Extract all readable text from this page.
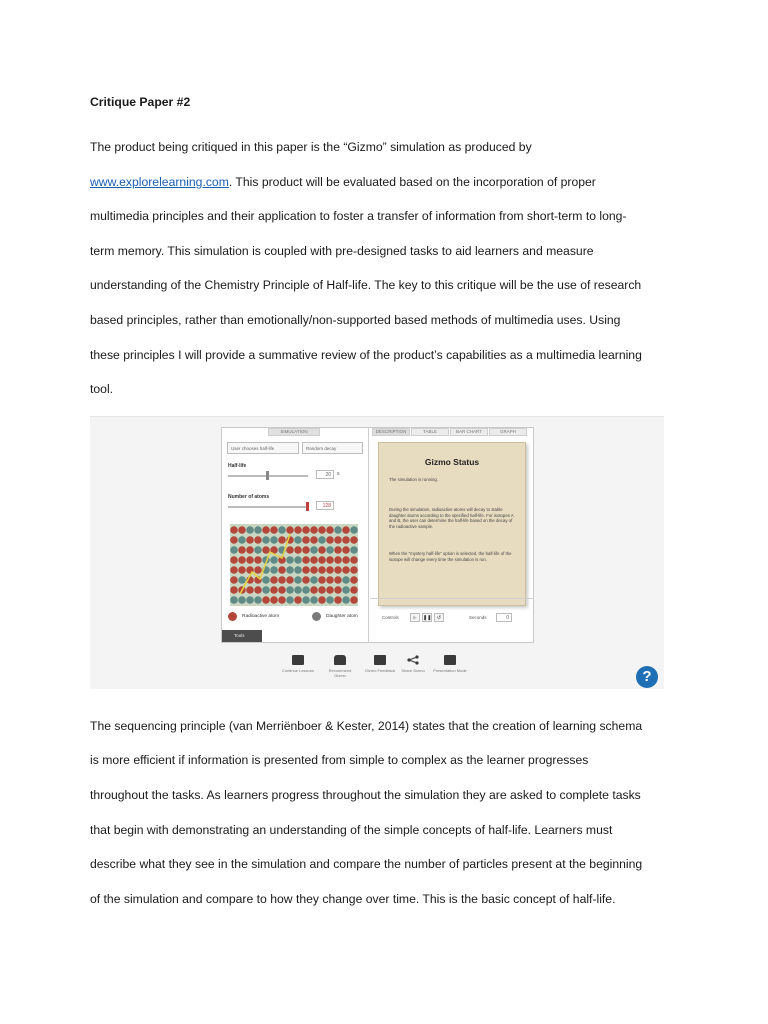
Critique Paper #2
The product being critiqued in this paper is the “Gizmo” simulation as produced by
www.explorelearning.com. This product will be evaluated based on the incorporation of proper
multimedia principles and their application to foster a transfer of information from short-term to long-
term memory. This simulation is coupled with pre-designed tasks to aid learners and measure
understanding of the Chemistry Principle of Half-life. The key to this critique will be the use of research
based principles, rather than emotionally/non-supported based methods of multimedia uses. Using
these principles I will provide a summative review of the product’s capabilities as a multimedia learning
tool.
SIMULATION
User chooses half-life	Random decay
Half-life
20	s
Number of atoms
128
Radioactive atom	Daughter atom
Tools
DESCRIPTION	TABLE	BAR CHART	GRAPH
Gizmo Status
The simulation is running.
During the simulation, radioactive atoms will decay to stable daughter atoms according to the specified half-life. For isotopes A and B, the user can determine the half-life based on the decay of the radioactive sample.
When the "mystery half-life" option is selected, the half-life of the isotope will change every time the simulation is run.
Controls	▶	❚❚	↺	Seconds	0
Continue Lessons	Recommend Gizmo
Gizmo Feedback	Share Gizmo	Presentation Mode	?
The sequencing principle (van Merriënboer & Kester, 2014) states that the creation of learning schema
is more efficient if information is presented from simple to complex as the learner progresses
throughout the tasks. As learners progress throughout the simulation they are asked to complete tasks
that begin with demonstrating an understanding of the simple concepts of half-life. Learners must
describe what they see in the simulation and compare the number of particles present at the beginning
of the simulation and compare to how they change over time. This is the basic concept of half-life.
